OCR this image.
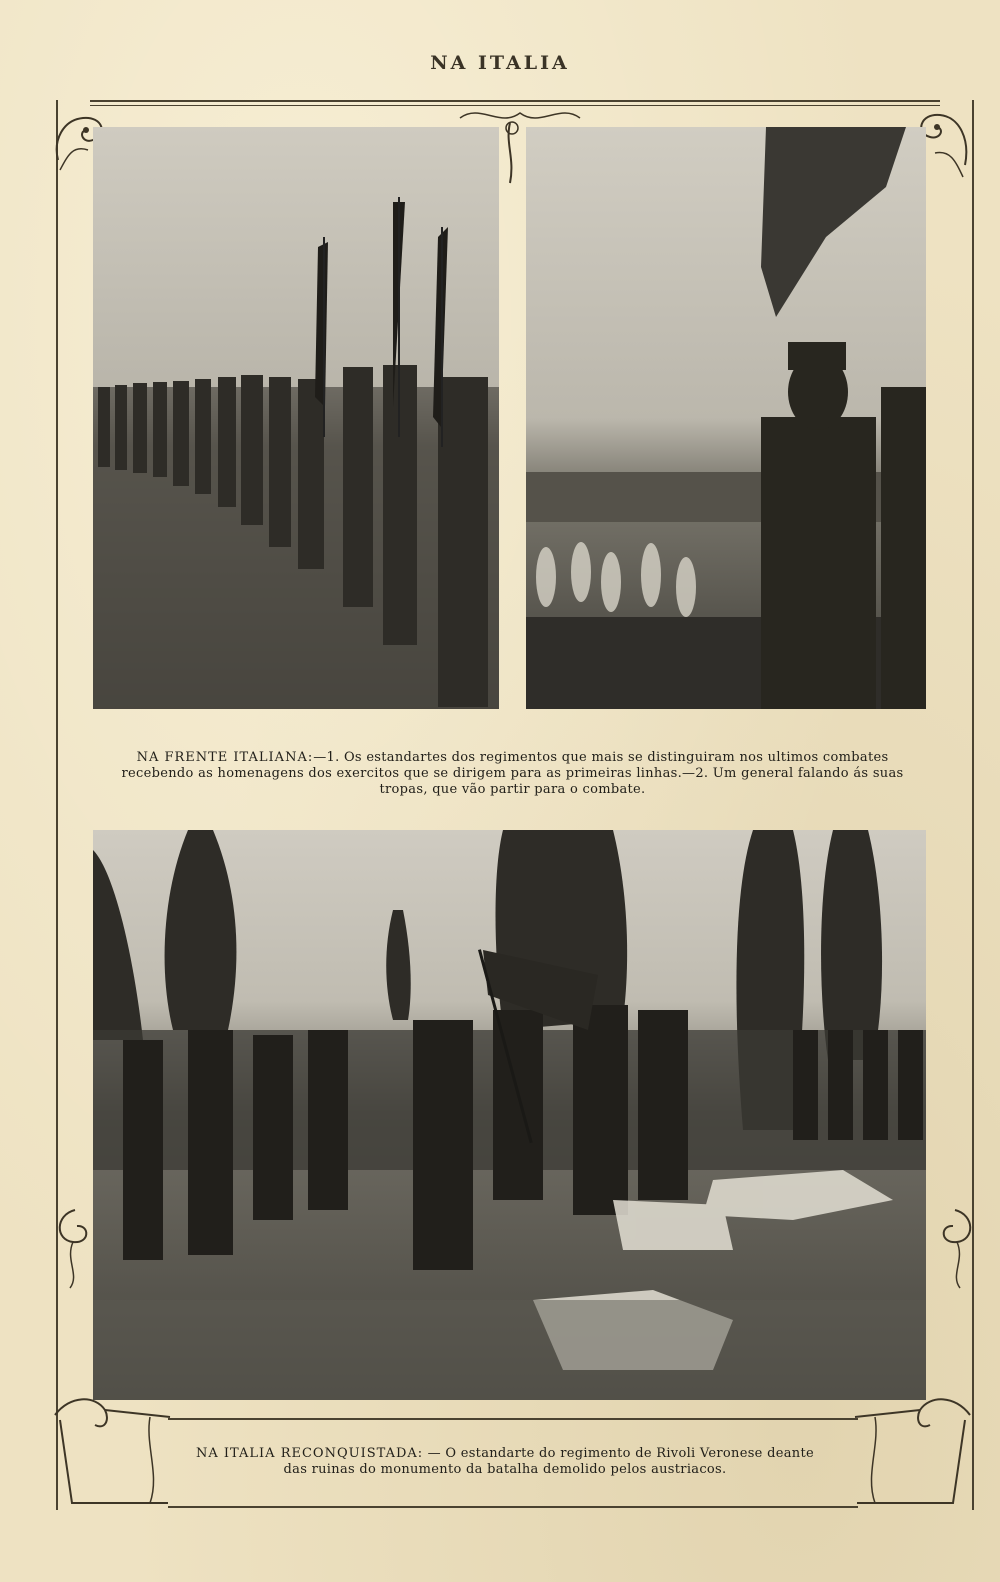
NA ITALIA
NA FRENTE ITALIANA:—1. Os estandartes dos regimentos que mais se distinguiram nos ultimos combates recebendo as homenagens dos exercitos que se dirigem para as primeiras linhas.—2. Um general falando ás suas tropas, que vão partir para o combate.
NA ITALIA RECONQUISTADA: — O estandarte do regimento de Rivoli Veronese deante das ruinas do monumento da batalha demolido pelos austriacos.
